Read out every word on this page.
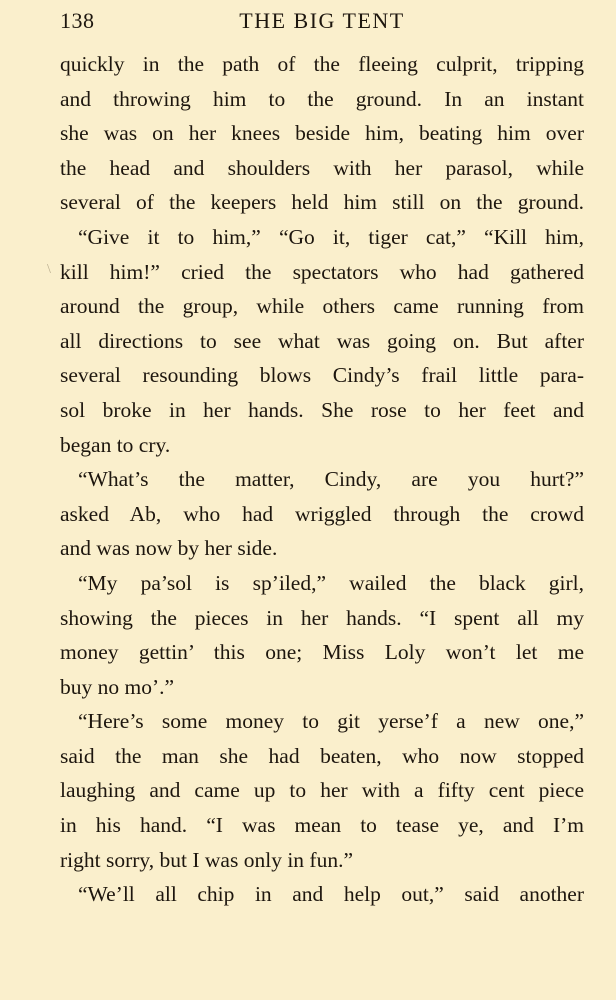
138	THE BIG TENT
\
quickly in the path of the fleeing culprit, tripping
and throwing him to the ground. In an instant
she was on her knees beside him, beating him over
the head and shoulders with her parasol, while
several of the keepers held him still on the ground.
“Give it to him,” “Go it, tiger cat,” “Kill him,
kill him!” cried the spectators who had gathered
around the group, while others came running from
all directions to see what was going on. But after
several resounding blows Cindy’s frail little para-
sol broke in her hands. She rose to her feet and
began to cry.
“What’s the matter, Cindy, are you hurt?”
asked Ab, who had wriggled through the crowd
and was now by her side.
“My pa’sol is sp’iled,” wailed the black girl,
showing the pieces in her hands. “I spent all my
money gettin’ this one; Miss Loly won’t let me
buy no mo’.”
“Here’s some money to git yerse’f a new one,”
said the man she had beaten, who now stopped
laughing and came up to her with a fifty cent piece
in his hand. “I was mean to tease ye, and I’m
right sorry, but I was only in fun.”
“We’ll all chip in and help out,” said another
